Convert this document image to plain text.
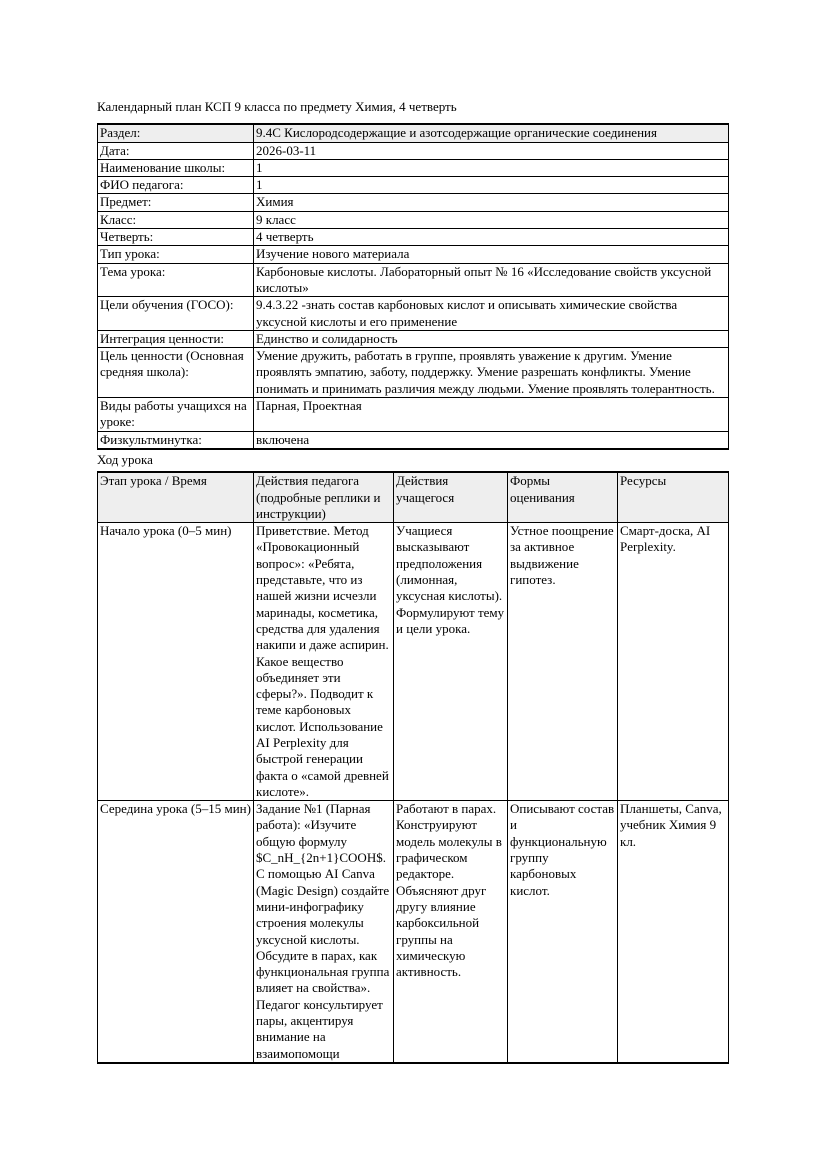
Календарный план КСП 9 класса по предмету Химия, 4 четверть
Раздел:	9.4C Кислородсодержащие и азотсодержащие органические соединения
Дата:	2026-03-11
Наименование школы:	1
ФИО педагога:	1
Предмет:	Химия
Класс:	9 класс
Четверть:	4 четверть
Тип урока:	Изучение нового материала
Тема урока:	Карбоновые кислоты. Лабораторный опыт № 16 «Исследование свойств уксусной кислоты»
Цели обучения (ГОСО):	9.4.3.22 -знать состав карбоновых кислот и описывать химические свойства уксусной кислоты и его применение
Интеграция ценности:	Единство и солидарность
Цель ценности (Основная средняя школа):	Умение дружить, работать в группе, проявлять уважение к другим. Умение проявлять эмпатию, заботу, поддержку. Умение разрешать конфликты. Умение понимать и принимать различия между людьми. Умение проявлять толерантность.
Виды работы учащихся на уроке:	Парная, Проектная
Физкультминутка:	включена
Ход урока
Этап урока / Время	Действия педагога (подробные реплики и инструкции)	Действия учащегося	Формы оценивания	Ресурсы
Начало урока (0–5 мин)	Приветствие. Метод «Провокационный вопрос»: «Ребята, представьте, что из нашей жизни исчезли маринады, косметика, средства для удаления накипи и даже аспирин. Какое вещество объединяет эти сферы?». Подводит к теме карбоновых кислот. Использование AI Perplexity для быстрой генерации факта о «самой древней кислоте».	Учащиеся высказывают предположения (лимонная, уксусная кислоты). Формулируют тему и цели урока.	Устное поощрение за активное выдвижение гипотез.	Смарт-доска, AI Perplexity.
Середина урока (5–15 мин)	Задание №1 (Парная работа): «Изучите общую формулу $C_nH_{2n+1}COOH$. С помощью AI Canva (Magic Design) создайте мини-инфографику строения молекулы уксусной кислоты. Обсудите в парах, как функциональная группа влияет на свойства». Педагог консультирует пары, акцентируя внимание на взаимопомощи	Работают в парах. Конструируют модель молекулы в графическом редакторе. Объясняют друг другу влияние карбоксильной группы на химическую активность.	Описывают состав и функциональную группу карбоновых кислот.	Планшеты, Canva, учебник Химия 9 кл.
